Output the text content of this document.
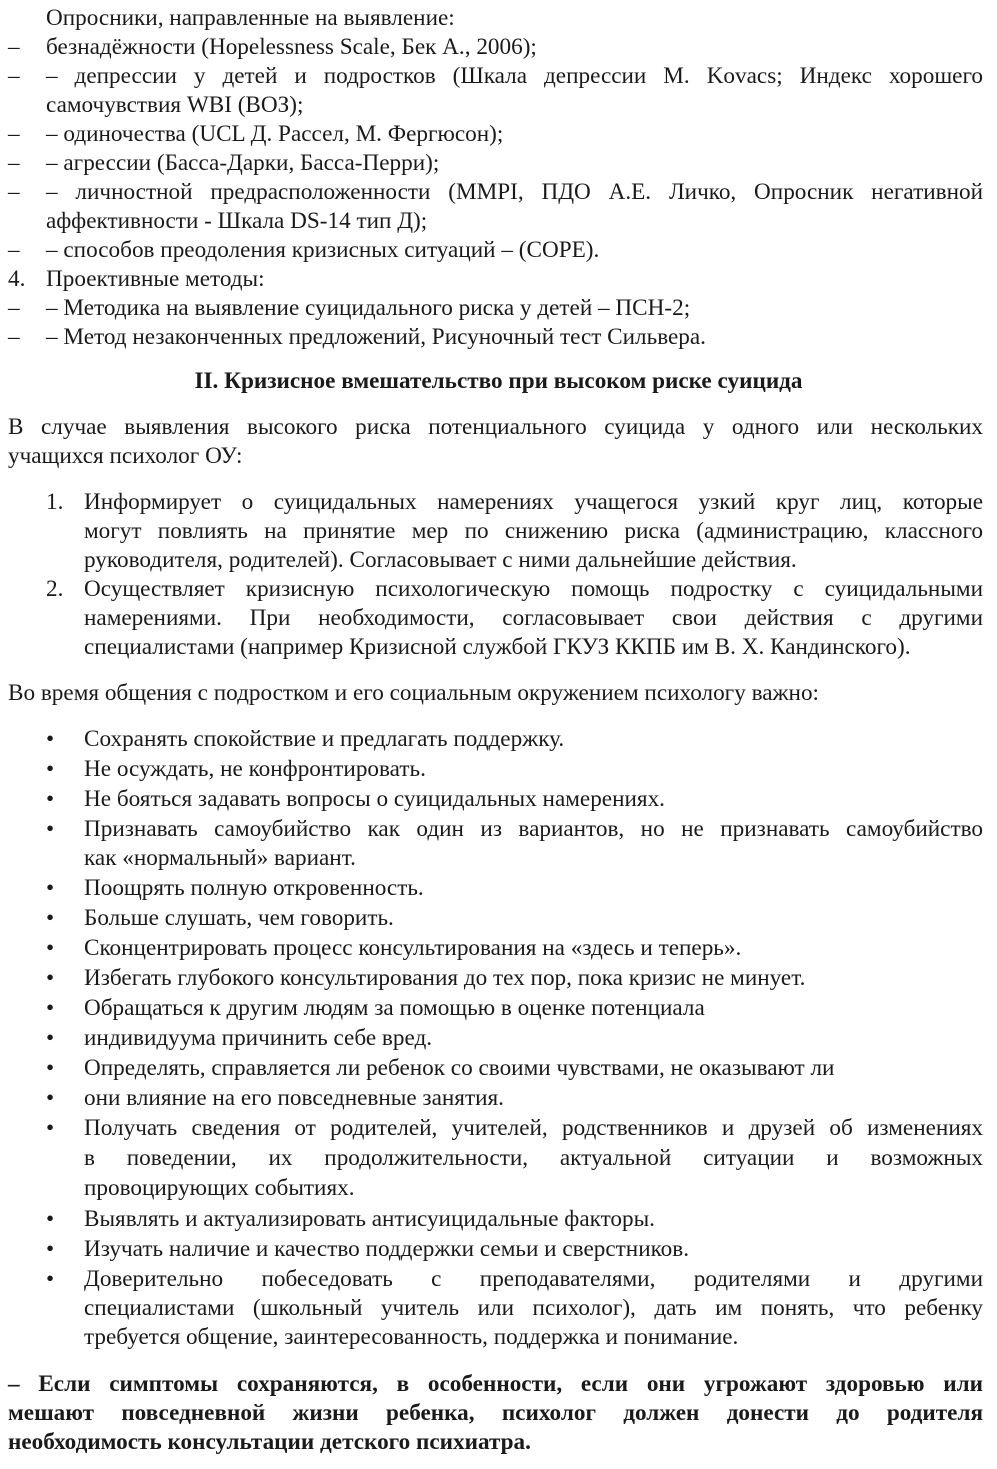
Опросники, направленные на выявление:
– безнадёжности (Hopelessness Scale, Бек А., 2006);
– – депрессии у детей и подростков (Шкала депрессии M. Kovacs; Индекс хорошего
самочувствия WBI (ВОЗ);
– – одиночества (UCL Д. Рассел, М. Фергюсон);
– – агрессии (Басса-Дарки, Басса-Перри);
– – личностной предрасположенности (MMPI, ПДО А.Е. Личко, Опросник негативной
аффективности - Шкала DS-14 тип Д);
– – способов преодоления кризисных ситуаций – (COPE).
4. Проективные методы:
– – Методика на выявление суицидального риска у детей – ПСН-2;
– – Метод незаконченных предложений, Рисуночный тест Сильвера.
II. Кризисное вмешательство при высоком риске суицида
В случае выявления высокого риска потенциального суицида у одного или нескольких
учащихся психолог ОУ:
1. Информирует о суицидальных намерениях учащегося узкий круг лиц, которые
могут повлиять на принятие мер по снижению риска (администрацию, классного
руководителя, родителей). Согласовывает с ними дальнейшие действия.
2. Осуществляет кризисную психологическую помощь подростку с суицидальными
намерениями. При необходимости, согласовывает свои действия с другими
специалистами (например Кризисной службой ГКУЗ ККПБ им В. Х. Кандинского).
Во время общения с подростком и его социальным окружением психологу важно:
• Сохранять спокойствие и предлагать поддержку.
• Не осуждать, не конфронтировать.
• Не бояться задавать вопросы о суицидальных намерениях.
• Признавать самоубийство как один из вариантов, но не признавать самоубийство
как «нормальный» вариант.
• Поощрять полную откровенность.
• Больше слушать, чем говорить.
• Сконцентрировать процесс консультирования на «здесь и теперь».
• Избегать глубокого консультирования до тех пор, пока кризис не минует.
• Обращаться к другим людям за помощью в оценке потенциала
• индивидуума причинить себе вред.
• Определять, справляется ли ребенок со своими чувствами, не оказывают ли
• они влияние на его повседневные занятия.
• Получать сведения от родителей, учителей, родственников и друзей об изменениях
в поведении, их продолжительности, актуальной ситуации и возможных
провоцирующих событиях.
• Выявлять и актуализировать антисуицидальные факторы.
• Изучать наличие и качество поддержки семьи и сверстников.
• Доверительно побеседовать с преподавателями, родителями и другими
специалистами (школьный учитель или психолог), дать им понять, что ребенку
требуется общение, заинтересованность, поддержка и понимание.
– Если симптомы сохраняются, в особенности, если они угрожают здоровью или
мешают повседневной жизни ребенка, психолог должен донести до родителя
необходимость консультации детского психиатра.
